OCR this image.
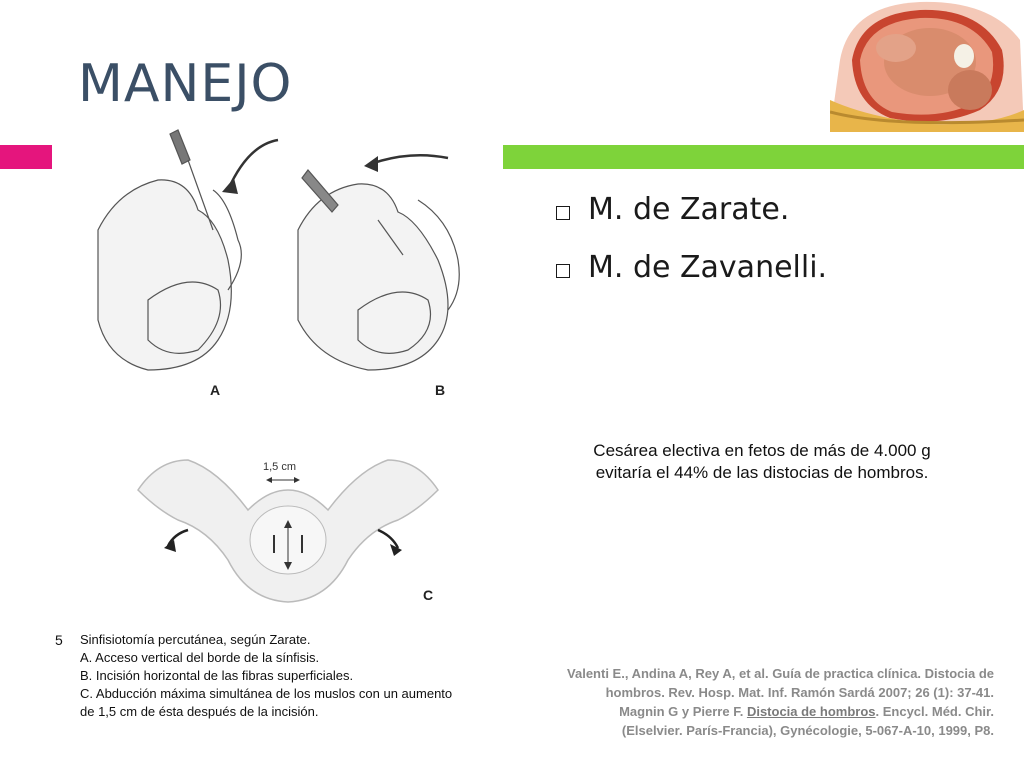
MANEJO
A	B
1,5 cm
C
M. de Zarate.
M. de Zavanelli.
Cesárea electiva en fetos de más de 4.000 g
evitaría el 44% de las distocias de hombros.
5 Sinfisiotomía percutánea, según Zarate.
A. Acceso vertical del borde de la sínfisis.
B. Incisión horizontal de las fibras superficiales.
C. Abducción máxima simultánea de los muslos con un aumento
de 1,5 cm de ésta después de la incisión.
Valenti E., Andina A, Rey A, et al. Guía de practica clínica. Distocia de hombros. Rev. Hosp. Mat. Inf. Ramón Sardá 2007; 26 (1): 37-41. Magnin G y Pierre F. Distocia de hombros. Encycl. Méd. Chir. (Elselvier. París-Francia), Gynécologie, 5-067-A-10, 1999, P8.
